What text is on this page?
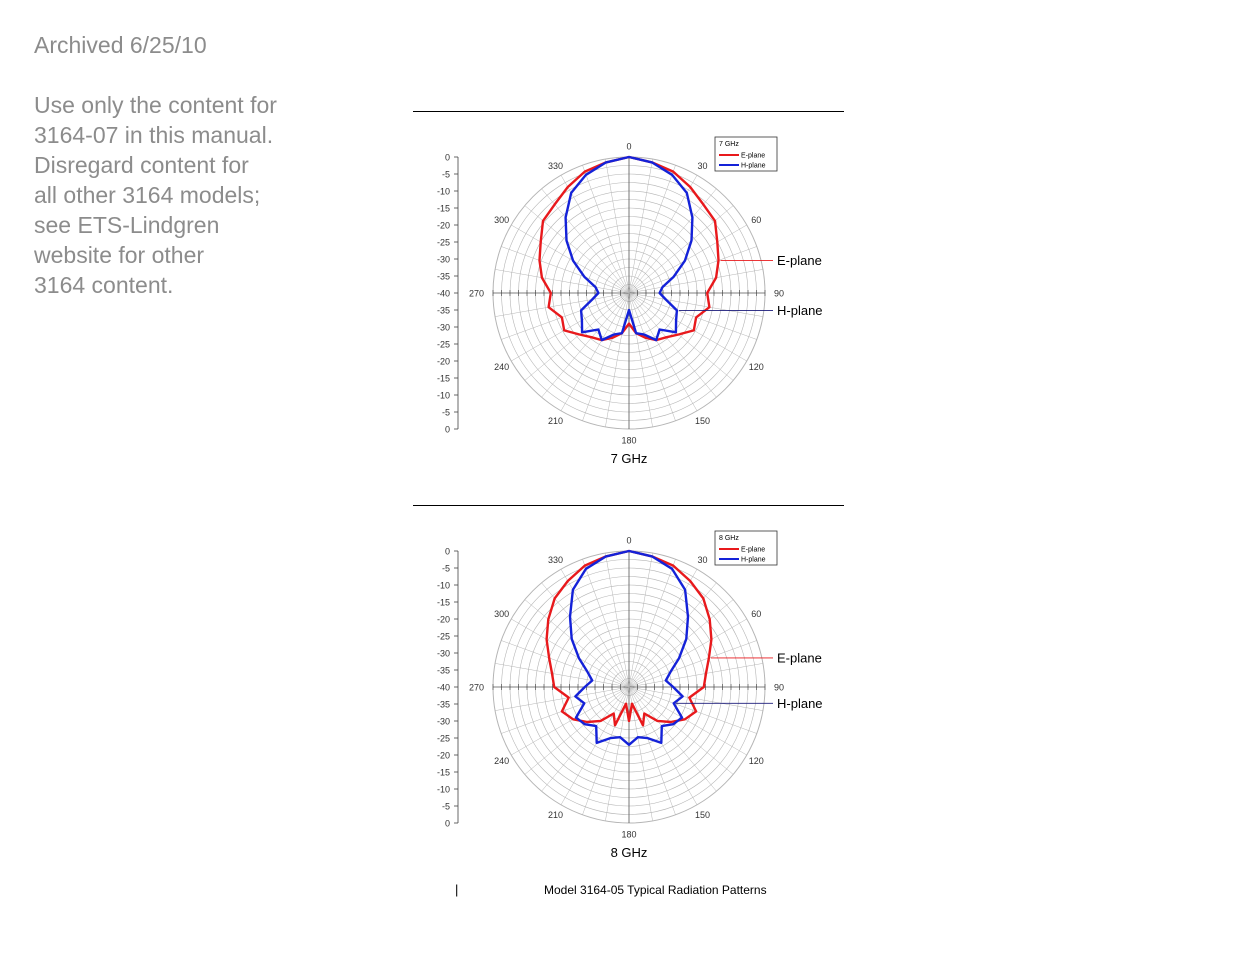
Archived 6/25/10

Use only the content for
3164-07 in this manual.
Disregard content for
all other 3164 models;
see ETS-Lindgren
website for other
3164 content.

0
-5
-10
-15
-20
-25
-30
-35
-40
-35
-30
-25
-20
-15
-10
-5
0
0
30
60
90
120
150
180
210
240
270
300
330
7 GHz
E-plane
H-plane
E-plane
H-plane
7 GHz
0
-5
-10
-15
-20
-25
-30
-35
-40
-35
-30
-25
-20
-15
-10
-5
0
0
30
60
90
120
150
180
210
240
270
300
330
8 GHz
E-plane
H-plane
E-plane
H-plane
8 GHz
|	Model 3164-05 Typical Radiation Patterns
